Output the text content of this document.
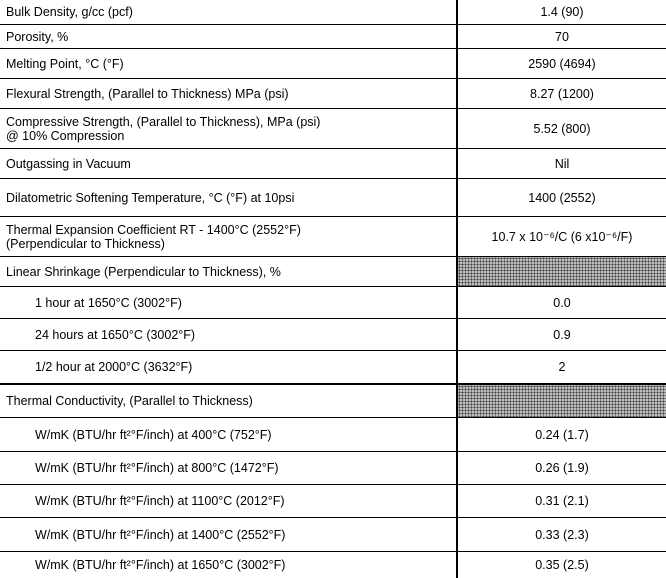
Bulk Density, g/cc (pcf)	1.4 (90)
Porosity, %	70
Melting Point, °C (°F)	2590 (4694)
Flexural Strength, (Parallel to Thickness) MPa (psi)	8.27 (1200)
Compressive Strength, (Parallel to Thickness), MPa (psi)
@ 10% Compression	5.52 (800)
Outgassing in Vacuum	Nil
Dilatometric Softening Temperature, °C (°F) at 10psi	1400 (2552)
Thermal Expansion Coefficient RT - 1400°C (2552°F)
(Perpendicular to Thickness)	10.7 x 10⁻⁶/C (6 x10⁻⁶/F)
Linear Shrinkage (Perpendicular to Thickness), %
1 hour at 1650°C (3002°F)	0.0
24 hours at 1650°C (3002°F)	0.9
1/2 hour at 2000°C (3632°F)	2
Thermal Conductivity, (Parallel to Thickness)
W/mK (BTU/hr ft²°F/inch) at 400°C (752°F)	0.24 (1.7)
W/mK (BTU/hr ft²°F/inch) at 800°C (1472°F)	0.26 (1.9)
W/mK (BTU/hr ft²°F/inch) at 1100°C (2012°F)	0.31 (2.1)
W/mK (BTU/hr ft²°F/inch) at 1400°C (2552°F)	0.33 (2.3)
W/mK (BTU/hr ft²°F/inch) at 1650°C (3002°F)	0.35 (2.5)
